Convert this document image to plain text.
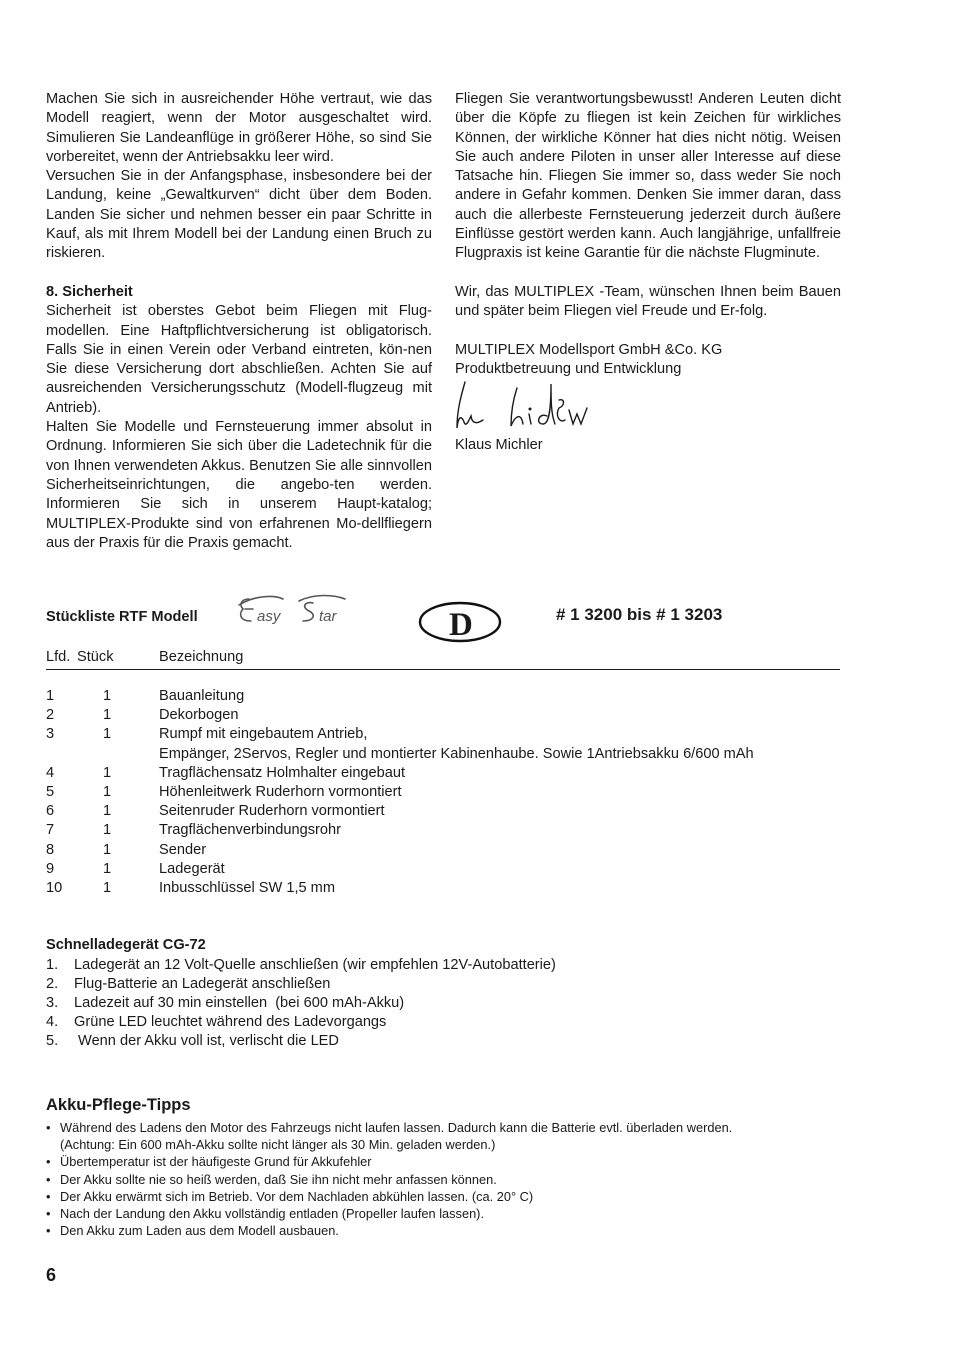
Machen Sie sich in ausreichender Höhe vertraut, wie das Modell reagiert, wenn der Motor ausgeschaltet wird. Simulieren Sie Landeanflüge in größerer Höhe, so sind Sie vorbereitet, wenn der Antriebsakku leer wird.

Versuchen Sie in der Anfangsphase, insbesondere bei der Landung, keine „Gewaltkurven“ dicht über dem Boden. Landen Sie sicher und nehmen besser ein paar Schritte in Kauf, als mit Ihrem Modell bei der Landung einen Bruch zu riskieren.

8. Sicherheit

Sicherheit ist oberstes Gebot beim Fliegen mit Flug-modellen. Eine Haftpflichtversicherung ist obligatorisch. Falls Sie in einen Verein oder Verband eintreten, kön-nen Sie diese Versicherung dort abschließen. Achten Sie auf ausreichenden Versicherungsschutz (Modell-flugzeug mit Antrieb).

Halten Sie Modelle und Fernsteuerung immer absolut in Ordnung. Informieren Sie sich über die Ladetechnik für die von Ihnen verwendeten Akkus. Benutzen Sie alle sinnvollen Sicherheitseinrichtungen, die angebo-ten werden. Informieren Sie sich in unserem Haupt-katalog; MULTIPLEX-Produkte sind von erfahrenen Mo-dellfliegern aus der Praxis für die Praxis gemacht.

Fliegen Sie verantwortungsbewusst! Anderen Leuten dicht über die Köpfe zu fliegen ist kein Zeichen für wirkliches Können, der wirkliche Könner hat dies nicht nötig. Weisen Sie auch andere Piloten in unser aller Interesse auf diese Tatsache hin. Fliegen Sie immer so, dass weder Sie noch andere in Gefahr kommen. Denken Sie immer daran, dass auch die allerbeste Fernsteuerung jederzeit durch äußere Einflüsse gestört werden kann. Auch langjährige, unfallfreie Flugpraxis ist keine Garantie für die nächste Flugminute.

Wir, das MULTIPLEX -Team, wünschen Ihnen beim Bauen und später beim Fliegen viel Freude und Er-folg.

MULTIPLEX Modellsport GmbH &Co. KG
Produktbetreuung und Entwicklung
Klaus Michler
Stückliste RTF Modell	asy	tar	D	# 1 3200 bis # 1 3203
Lfd. Stück	Bezeichnung
1	1	Bauanleitung
2	1	Dekorbogen
3	1	Rumpf mit eingebautem Antrieb,
Empänger, 2Servos, Regler und montierter Kabinenhaube. Sowie 1Antriebsakku 6/600 mAh
4	1	Tragflächensatz Holmhalter eingebaut
5	1	Höhenleitwerk Ruderhorn vormontiert
6	1	Seitenruder Ruderhorn vormontiert
7	1	Tragflächenverbindungsrohr
8	1	Sender
9	1	Ladegerät
10	1	Inbusschlüssel SW 1,5 mm
Schnelladegerät CG-72
1.	Ladegerät an 12 Volt-Quelle anschließen (wir empfehlen 12V-Autobatterie)
2.	Flug-Batterie an Ladegerät anschließen
3.	Ladezeit auf 30 min einstellen  (bei 600 mAh-Akku)
4.	Grüne LED leuchtet während des Ladevorgangs
5.	Wenn der Akku voll ist, verlischt die LED
Akku-Pflege-Tipps
• Während des Ladens den Motor des Fahrzeugs nicht laufen lassen. Dadurch kann die Batterie evtl. überladen werden.
(Achtung: Ein 600 mAh-Akku sollte nicht länger als 30 Min. geladen werden.)
• Übertemperatur ist der häufigeste Grund für Akkufehler
• Der Akku sollte nie so heiß werden, daß Sie ihn nicht mehr anfassen können.
• Der Akku erwärmt sich im Betrieb. Vor dem Nachladen abkühlen lassen. (ca. 20° C)
• Nach der Landung den Akku vollständig entladen (Propeller laufen lassen).
• Den Akku zum Laden aus dem Modell ausbauen.
6
